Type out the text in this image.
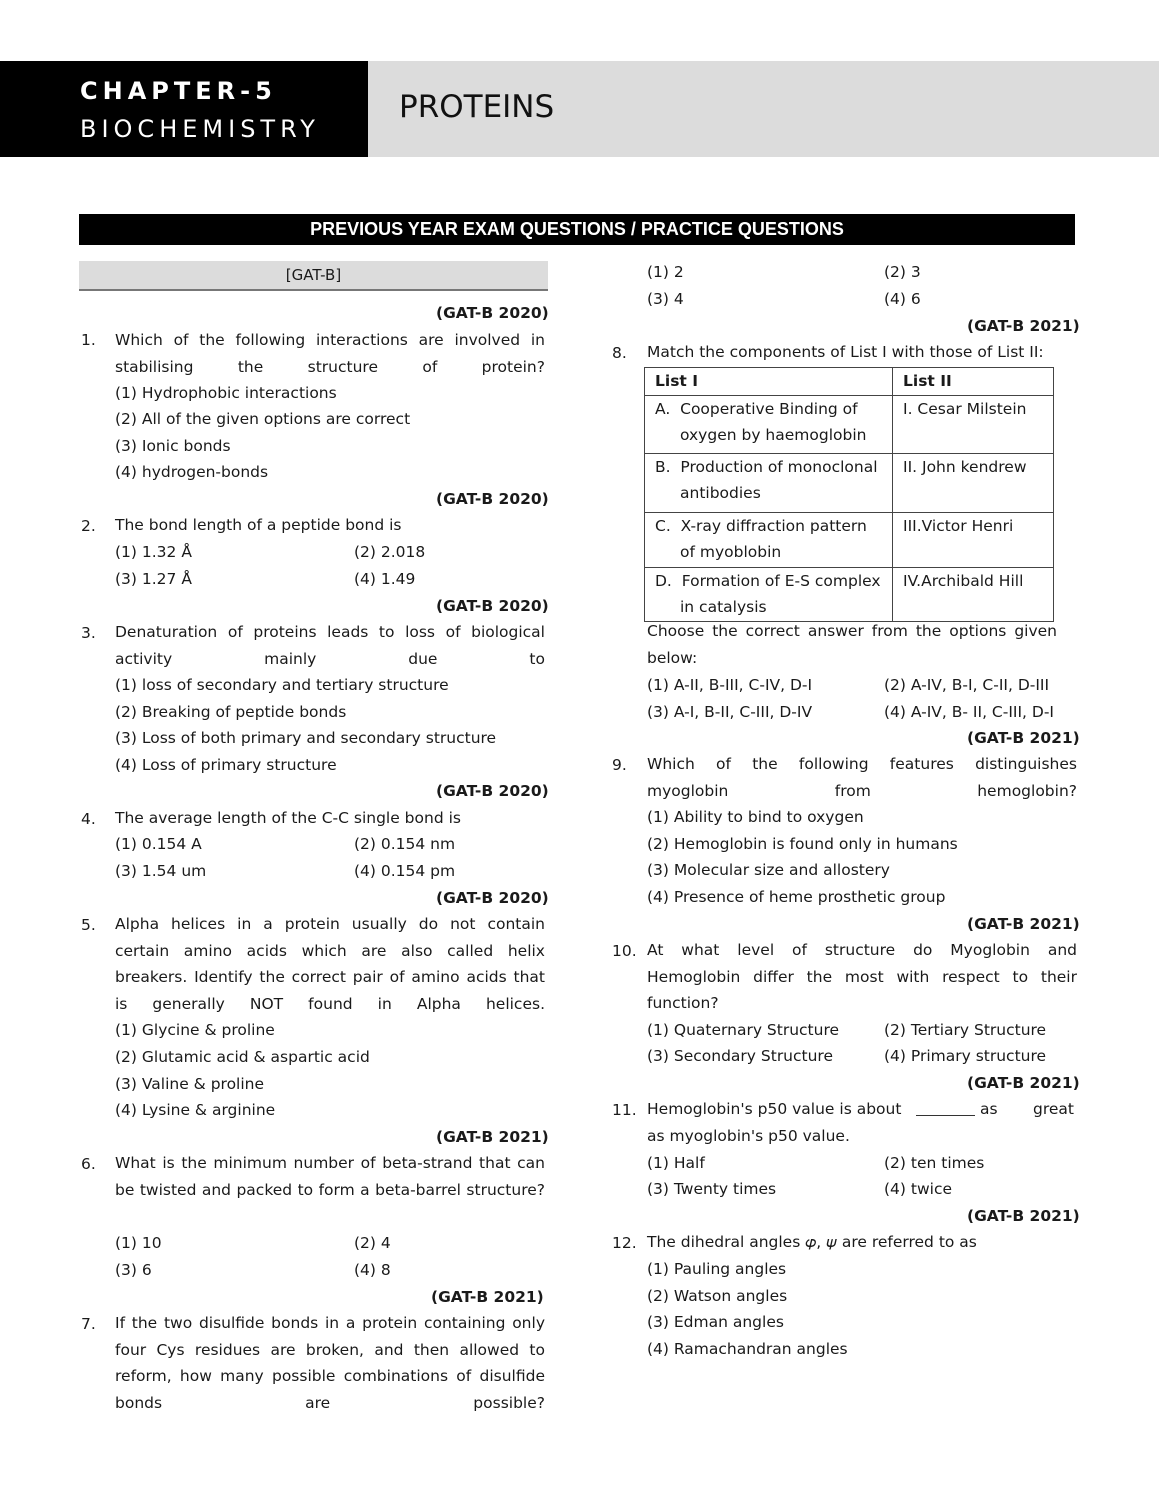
CHAPTER-5
BIOCHEMISTRY
PROTEINS
PREVIOUS YEAR EXAM QUESTIONS / PRACTICE QUESTIONS
[GAT-B]
(GAT-B 2020)
1. Which of the following interactions are involved in stabilising the structure of protein?
(1) Hydrophobic interactions
(2) All of the given options are correct
(3) Ionic bonds
(4) hydrogen-bonds
(GAT-B 2020)
2. The bond length of a peptide bond is
(1) 1.32 Å	(2) 2.018
(3) 1.27 Å	(4) 1.49
(GAT-B 2020)
3. Denaturation of proteins leads to loss of biological activity mainly due to
(1) loss of secondary and tertiary structure
(2) Breaking of peptide bonds
(3) Loss of both primary and secondary structure
(4) Loss of primary structure
(GAT-B 2020)
4. The average length of the C-C single bond is
(1) 0.154 A	(2) 0.154 nm
(3) 1.54 um	(4) 0.154 pm
(GAT-B 2020)
5. Alpha helices in a protein usually do not contain certain amino acids which are also called helix breakers. Identify the correct pair of amino acids that is generally NOT found in Alpha helices.
(1) Glycine & proline
(2) Glutamic acid & aspartic acid
(3) Valine & proline
(4) Lysine & arginine
(GAT-B 2021)
6. What is the minimum number of beta-strand that can be twisted and packed to form a beta-barrel structure?
(1) 10	(2) 4
(3) 6	(4) 8
(GAT-B 2021)
7. If the two disulfide bonds in a protein containing only four Cys residues are broken, and then allowed to reform, how many possible combinations of disulfide bonds are possible?
(1) 2	(2) 3
(3) 4	(4) 6
(GAT-B 2021)
8. Match the components of List I with those of List II:
List I	List II

A. Cooperative Binding of oxygen by haemoglobin	I. Cesar Milstein

B. Production of monoclonal antibodies	II. John kendrew

C. X-ray diffraction pattern of myoblobin	III.Victor Henri

D. Formation of E-S complex in catalysis	IV.Archibald Hill
Choose the correct answer from the options given below:
(1) A-II, B-III, C-IV, D-I	(2) A-IV, B-I, C-II, D-III
(3) A-I, B-II, C-III, D-IV	(4) A-IV, B- II, C-III, D-I
(GAT-B 2021)
9. Which of the following features distinguishes myoglobin from hemoglobin?
(1) Ability to bind to oxygen
(2) Hemoglobin is found only in humans
(3) Molecular size and allostery
(4) Presence of heme prosthetic group
(GAT-B 2021)
10. At what level of structure do Myoglobin and Hemoglobin differ the most with respect to their function?
(1) Quaternary Structure	(2) Tertiary Structure
(3) Secondary Structure	(4) Primary structure
(GAT-B 2021)
11. Hemoglobin's p50 value is about	as great
as myoglobin's p50 value.
(1) Half	(2) ten times
(3) Twenty times	(4) twice
(GAT-B 2021)
12. The dihedral angles 𝜑, 𝜓 are referred to as
(1) Pauling angles
(2) Watson angles
(3) Edman angles
(4) Ramachandran angles
